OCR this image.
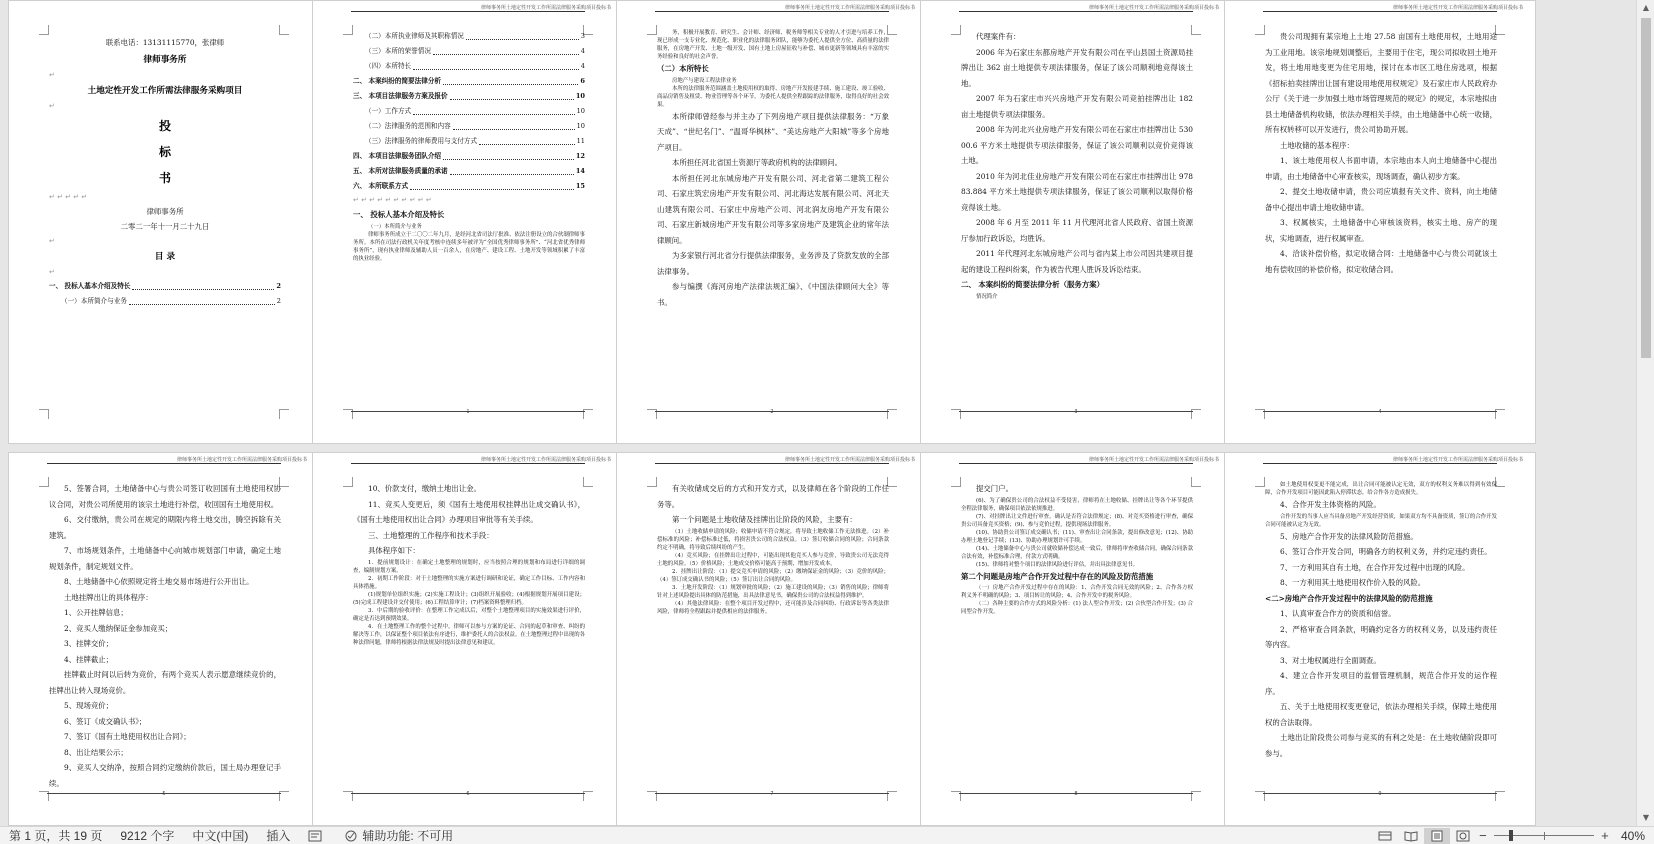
联系电话：13131115770，张律师
律师事务所
↵
土地定性开发工作所需法律服务采购项目
↵
投
标
书
↵ ↵ ↵ ↵ ↵
律师事务所
二零二一年十一月二十九日
↵
目 录
↵
一、 投标人基本介绍及特长	2
（一）本所简介与业务	2
律师事务所土地定性开发工作所需法律服务采购项目投标书
（二）本所执业律师及其职称情况	3
（三）本所的荣誉情况	4
（四）本所特长	4
二、 本案纠纷的简要法律分析	6
三、 本项目法律服务方案及报价	10
（一）工作方式	10
（二）法律服务的范围和内容	10
（三）法律服务的律师费用与支付方式	11
四、 本项目法律服务团队介绍	12
五、 本所对法律服务质量的承诺	14
六、 本所联系方式	15
↵ ↵ ↵ ↵ ↵ ↵ ↵ ↵ ↵ ↵
一、 投标人基本介绍及特长
（一）本所简介与业务
律师事务所成立于二〇〇二年九月，是经河北省司法厅批准、依法注册设立的合伙制律师事务所。本所在司法行政机关年度考核中连续多年被评为“全国优秀律师事务所”、“河北省优秀律师事务所”，现有执业律师及辅助人员一百余人，在房地产、建设工程、土地开发等领域积累了丰富的执业经验。
— 1 —
律师事务所土地定性开发工作所需法律服务采购项目投标书
务，积极开展教育、研究生、会计师、经济师、税务师等相关专业的人才引进与培养工作，现已形成一支专业化、规范化、职业化的法律服务团队，能够为委托人提供全方位、高质量的法律服务，在房地产开发、土地一级开发、国有土地上房屋征收与补偿、城市更新等领域具有丰富的实务经验和良好的社会声誉。
（二）本所特长
房地产与建设工程法律业务
本所的法律服务范围涵盖土地使用权的取得、房地产开发报建手续、施工建设、竣工验收、商品房销售及租赁、物业管理等各个环节，为委托人提供全程跟踪的法律服务，取得良好的社会效果。
本所律师曾经参与并主办了下列房地产项目提供法律服务：“万象天成”、“世纪名门”、“温哥华枫林”、“美达房地产大阳城”等多个房地产项目。
本所担任河北省国土资源厅等政府机构的法律顾问。
本所担任河北东城房地产开发有限公司、河北省第二建筑工程公司、石家庄筑宏房地产开发有限公司、河北海达发展有限公司、河北天山建筑有限公司、石家庄中房地产公司、河北润友房地产开发有限公司、石家庄新城房地产开发有限公司等多家房地产及建筑企业的常年法律顾问。
为多家银行河北省分行提供法律服务，业务涉及了贷款发放的全部法律事务。
参与编撰《海河房地产法律法规汇编》、《中国法律顾问大全》等书。
— 2 —
律师事务所土地定性开发工作所需法律服务采购项目投标书
代理案件有：
2006 年为石家庄东都房地产开发有限公司在平山县国土资源局挂牌出让 362 亩土地提供专项法律服务，保证了该公司顺利地竞得该土地。
2007 年为石家庄市兴兴房地产开发有限公司竞拍挂牌出让 182 亩土地提供专项法律服务。
2008 年为河北兴业房地产开发有限公司在石家庄市挂牌出让 53000.6 平方米土地提供专项法律服务，保证了该公司顺利以竞价竞得该土地。
2010 年为河北佳业房地产开发有限公司在石家庄市挂牌出让 97883.884 平方米土地提供专项法律服务，保证了该公司顺利以取得价格竞得该土地。
2008 年 6 月至 2011 年 11 月代理河北省人民政府、省国土资源厅参加行政诉讼，均胜诉。
2011 年代理河北东城房地产公司与省内某上市公司因共建项目提起的建设工程纠纷案，作为被告代理人胜诉及诉讼结束。
二、 本案纠纷的简要法律分析（服务方案）
情况简介
— 3 —
律师事务所土地定性开发工作所需法律服务采购项目投标书
贵公司现拥有某宗地上土地 27.58 亩国有土地使用权，土地用途为工业用地。该宗地规划调整后，主要用于住宅，现公司拟收回土地开发，将土地用地变更为住宅用地，探讨在本市区工地住房选项，根据《招标拍卖挂牌出让国有建设用地使用权规定》及石家庄市人民政府办公厅《关于进一步加强土地市场管理规范的规定》的规定，本宗地拟由县土地储备机构收储，依法办理相关手续，由土地储备中心统一收储，所有权转移可以开发进行，贵公司协助开展。
土地收储的基本程序：
1、该土地使用权人书面申请，本宗地由本人向土地储备中心提出申请，由土地储备中心审查核实，现场调查，确认初步方案。
2、提交土地收储申请，贵公司应填报有关文件、资料，向土地储备中心提出申请土地收储申请。
3、权属核实，土地储备中心审核该资料，核实土地、房产的现状，实地调查，进行权属审查。
4、洽谈补偿价格，拟定收储合同：土地储备中心与贵公司就该土地有偿收回的补偿价格，拟定收储合同。
— 4 —
律师事务所土地定性开发工作所需法律服务采购项目投标书
5、签署合同，土地储备中心与贵公司签订收回国有土地使用权协议合同，对贵公司所使用的该宗土地进行补偿，收回国有土地使用权。
6、交付缴纳，贵公司在规定的期限内将土地交出，腾空拆除有关建筑。
7、市场规划条件，土地储备中心向城市规划部门申请，确定土地规划条件，制定规划文件。
8、土地储备中心依照规定将土地交易市场进行公开出让。
土地挂牌出让的具体程序：
1、公开挂牌信息；
2、竞买人缴纳保证金参加竞买；
3、挂牌交价；
4、挂牌截止；
挂牌截止时间以后转为竞价，有两个竞买人表示愿意继续竞价的，挂牌出让转入现场竞价。
5、现场竞价；
6、签订《成交确认书》；
7、签订《国有土地使用权出让合同》；
8、出让结果公示；
9、竞买人交纳净，按照合同约定缴纳价款后，国土局办理登记手续。
— 5 —
律师事务所土地定性开发工作所需法律服务采购项目投标书
10、价款支付，缴纳土地出让金。
11、竞买人变更后，须《国有土地使用权挂牌出让成交确认书》，《国有土地使用权出让合同》办理项目审批等有关手续。
三、土地整理的工作程序和技术手段：
具体程序如下：
1．提前规划设计：在确定土地整理的规划时，应当按照合理的规划和布局进行详细的调查，编制规划方案。
2．初期工作阶段：对于土地整理的实施方案进行调研和论证，确定工作目标、工作内容和具体措施。
(1)规划单位组织实施；(2)实施工程设计；(3)组织开展验收；(4)根据规划开展项目建设；(5)完成工程建设并交付使用；(6)工程结算审计；(7)档案资料整理归档。
3．中后期的验收评价：在整理工作完成以后，对整个土地整理项目的实施效果进行评价，确定是否达到预期效果。
4．在土地整理工作的整个过程中，律师可以参与方案的论证、合同的起草和审查、纠纷的解决等工作，以保证整个项目依法有序进行，维护委托人的合法权益。在土地整理过程中出现的各种法律问题，律师将根据法律法规及时提出法律意见和建议。
— 6 —
律师事务所土地定性开发工作所需法律服务采购项目投标书
有关收储成交后的方式和开发方式，以及律师在各个阶段的工作任务等。
第一个问题是土地收储及挂牌出让阶段的风险，主要有：
（1）土地收储申请的风险；收储申请不符合规定，将导致土地收储工作无法推进。（2）补偿标准的风险；补偿标准过低，将损害贵公司的合法权益。（3）签订收储合同的风险；合同条款约定不明确，将导致后续纠纷的产生。
（4）竞买风险；在挂牌出让过程中，可能出现其他竞买人参与竞价，导致贵公司无法竞得土地的风险。（5）价格风险；土地成交价格可能高于预期，增加开发成本。
2．挂牌出让阶段：（1）提交竞买申请的风险；（2）缴纳保证金的风险；（3）竞价的风险；（4）签订成交确认书的风险；（5）签订出让合同的风险。
3．土地开发阶段：（1）规划审批的风险；（2）施工建设的风险；（3）销售的风险；律师将针对上述风险提出具体的防范措施，出具法律意见书，确保贵公司的合法权益得到维护。
（4）其他法律风险：在整个项目开发过程中，还可能涉及合同纠纷、行政诉讼等各类法律风险，律师将全程跟踪并提供相应的法律服务。
— 7 —
律师事务所土地定性开发工作所需法律服务采购项目投标书
提交门户。
(6)、为了确保贵公司的合法权益不受侵害，律师将在土地收储、挂牌出让等各个环节提供全程法律服务，确保项目依法依规推进。
(7)、对挂牌出让文件进行审查，确认是否符合法律规定；(8)、对竞买资格进行审查，确保贵公司具备竞买资格；(9)、参与竞价过程，提供现场法律服务。
(10)、协助贵公司签订成交确认书；(11)、审查出让合同条款，提出修改意见；(12)、协助办理土地登记手续；(13)、协助办理规划许可手续。
(14)、土地储备中心与贵公司就收储补偿达成一致后，律师将审查收储合同，确保合同条款合法有效，补偿标准合理，付款方式明确。
(15)、律师将对整个项目的法律风险进行评估，并出具法律意见书。
第二个问题是房地产合作开发过程中存在的风险及防范措施
（一）房地产合作开发过程中存在的风险：1、合作开发合同无效的风险；2、合作各方权利义务不明确的风险；3、项目转让的风险；4、合作开发中的税务风险。
（二）各种主要的合作方式的风险分析：(1) 法人型合作开发；(2) 合伙型合作开发；(3) 合同型合作开发。
— 8 —
律师事务所土地定性开发工作所需法律服务采购项目投标书
如土地使用权变更不能完成，出让合同可能被认定无效，双方的权利义务难以得到有效保障，合作开发项目可能因此陷入停滞状态，给合作各方造成损失。
4、合作开发主体资格的风险。
合作开发的当事人应当具备房地产开发经营资质，如果双方均不具备资质，签订的合作开发合同可能被认定为无效。
5、房地产合作开发的法律风险防范措施。
6、签订合作开发合同，明确各方的权利义务，并约定违约责任。
7、一方利用其自有土地，在合作开发过程中出现的风险。
8、一方利用其土地使用权作价入股的风险。
<二>房地产合作开发过程中的法律风险的防范措施
1、认真审查合作方的资质和信誉。
2、严格审查合同条款，明确约定各方的权利义务，以及违约责任等内容。
3、对土地权属进行全面调查。
4、建立合作开发项目的监督管理机制，规范合作开发的运作程序。
五、关于土地使用权变更登记，依法办理相关手续，保障土地使用权的合法取得。
土地出让阶段贵公司参与竞买的有利之处是：在土地收储阶段即可参与。
— 9 —
▲
▼
第 1 页，共 19 页	9212 个字	中文(中国)	插入	辅助功能: 不可用	−	+	40%
